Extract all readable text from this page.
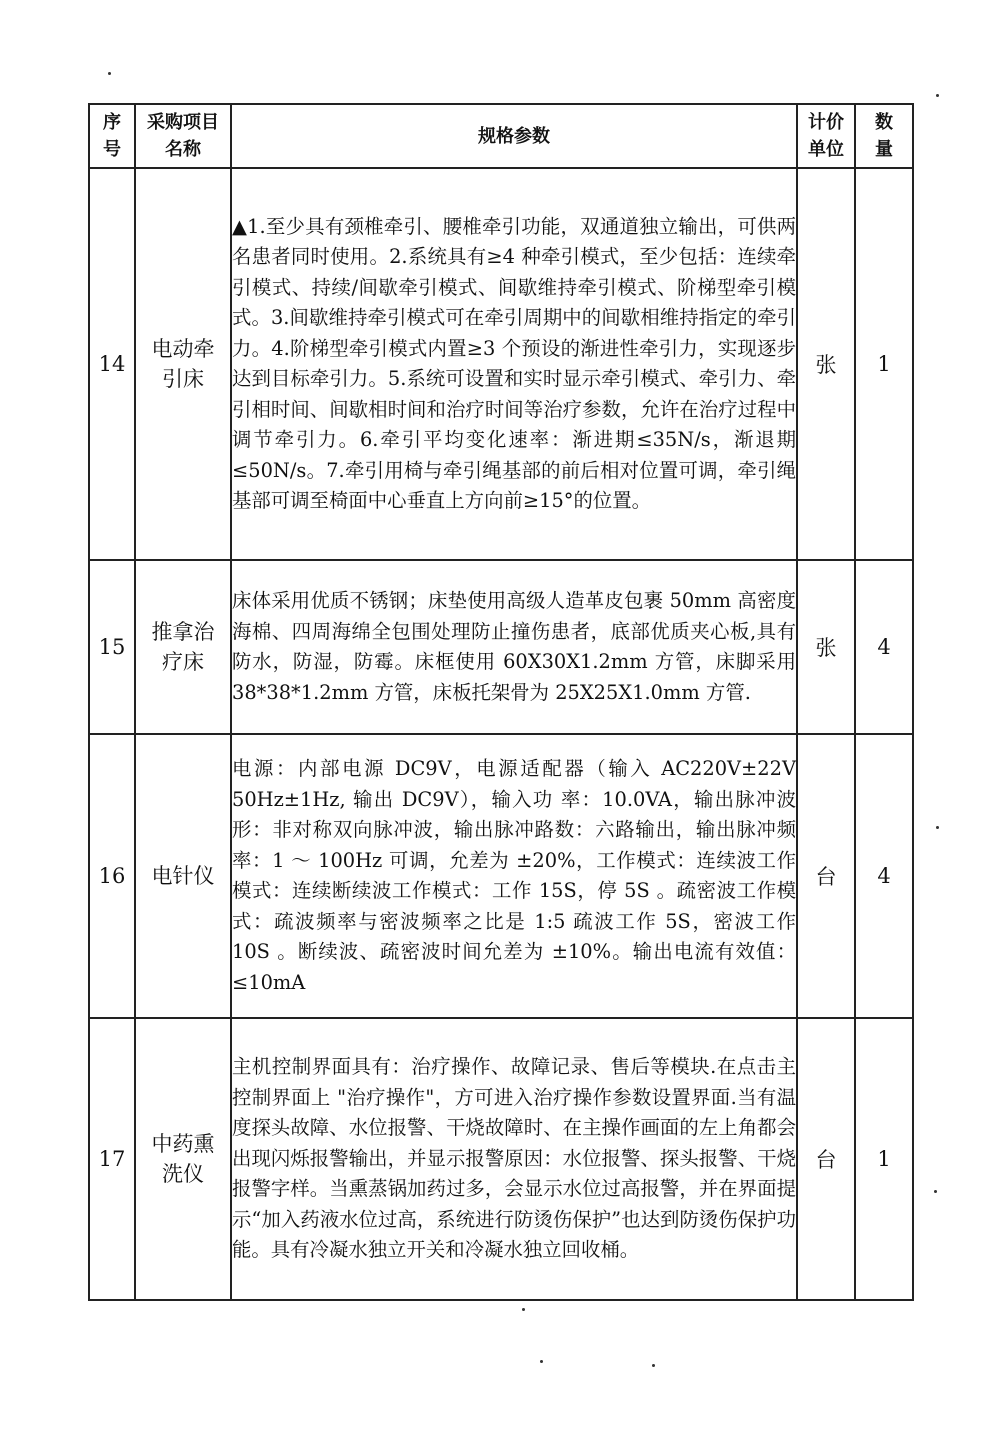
序号	采购项目名称	规格参数	计价单位	数量

14	电动牵引床	▲1.至少具有颈椎牵引、腰椎牵引功能，双通道独立输出，可供两名患者同时使用。2.系统具有≥4 种牵引模式，至少包括：连续牵引模式、持续/间歇牵引模式、间歇维持牵引模式、阶梯型牵引模式。3.间歇维持牵引模式可在牵引周期中的间歇相维持指定的牵引力。4.阶梯型牵引模式内置≥3 个预设的渐进性牵引力，实现逐步达到目标牵引力。5.系统可设置和实时显示牵引模式、牵引力、牵引相时间、间歇相时间和治疗时间等治疗参数，允许在治疗过程中调节牵引力。6.牵引平均变化速率：渐进期≤35N/s，渐退期≤50N/s。7.牵引用椅与牵引绳基部的前后相对位置可调，牵引绳基部可调至椅面中心垂直上方向前≥15°的位置。	张	1
15	推拿治疗床	床体采用优质不锈钢；床垫使用高级人造革皮包裹 50mm 高密度海棉、四周海绵全包围处理防止撞伤患者，底部优质夹心板,具有防水，防湿，防霉。床框使用 60X30X1.2mm 方管，床脚采用 38*38*1.2mm 方管，床板托架骨为 25X25X1.0mm 方管.	张	4
16	电针仪	电源：内部电源 DC9V，电源适配器（输入 AC220V±22V 50Hz±1Hz, 输出 DC9V），输入功 率：10.0VA，输出脉冲波形：非对称双向脉冲波，输出脉冲路数：六路输出，输出脉冲频率：1 ～ 100Hz 可调，允差为 ±20%，工作模式：连续波工作模式：连续断续波工作模式：工作 15S，停 5S 。疏密波工作模式：疏波频率与密波频率之比是 1:5 疏波工作 5S，密波工作 10S 。断续波、疏密波时间允差为 ±10%。输出电流有效值：≤10mA	台	4
17	中药熏洗仪	主机控制界面具有：治疗操作、故障记录、售后等模块.在点击主控制界面上 "治疗操作"，方可进入治疗操作参数设置界面.当有温度探头故障、水位报警、干烧故障时、在主操作画面的左上角都会出现闪烁报警输出，并显示报警原因：水位报警、探头报警、干烧报警字样。当熏蒸锅加药过多，会显示水位过高报警，并在界面提示“加入药液水位过高，系统进行防烫伤保护”也达到防烫伤保护功能。具有冷凝水独立开关和冷凝水独立回收桶。	台	1
